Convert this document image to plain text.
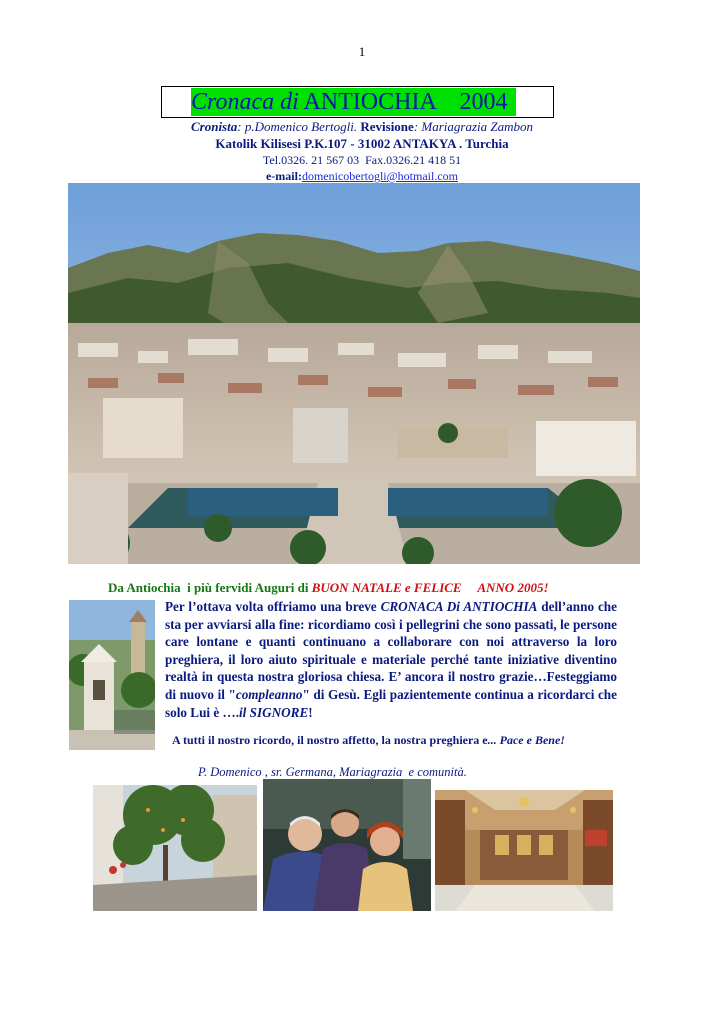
1
Cronaca di ANTIOCHIA    2004
Cronista: p.Domenico Bertogli. Revisione: Mariagrazia Zambon
Katolik Kilisesi P.K.107 - 31002 ANTAKYA . Turchia
Tel.0326. 21 567 03  Fax.0326.21 418 51
e-mail:domenicobertogli@hotmail.com
Da Antiochia  i più fervidi Auguri di BUON NATALE e FELICE     ANNO 2005!
Per l’ottava volta offriamo una breve CRONACA Di ANTIOCHIA dell’anno che sta per avviarsi alla fine: ricordiamo così i pellegrini che sono passati, le persone care lontane e quanti continuano a collaborare con noi attraverso la loro preghiera, il loro aiuto spirituale e materiale perché tante iniziative diventino realtà in questa nostra gloriosa chiesa. E’ ancora il nostro grazie…Festeggiamo di nuovo il "compleanno" di Gesù. Egli pazientemente continua a ricordarci che solo Lui è ….il SIGNORE!
A tutti il nostro ricordo, il nostro affetto, la nostra preghiera e... Pace e Bene!
P. Domenico , sr. Germana, Mariagrazia  e comunità.
